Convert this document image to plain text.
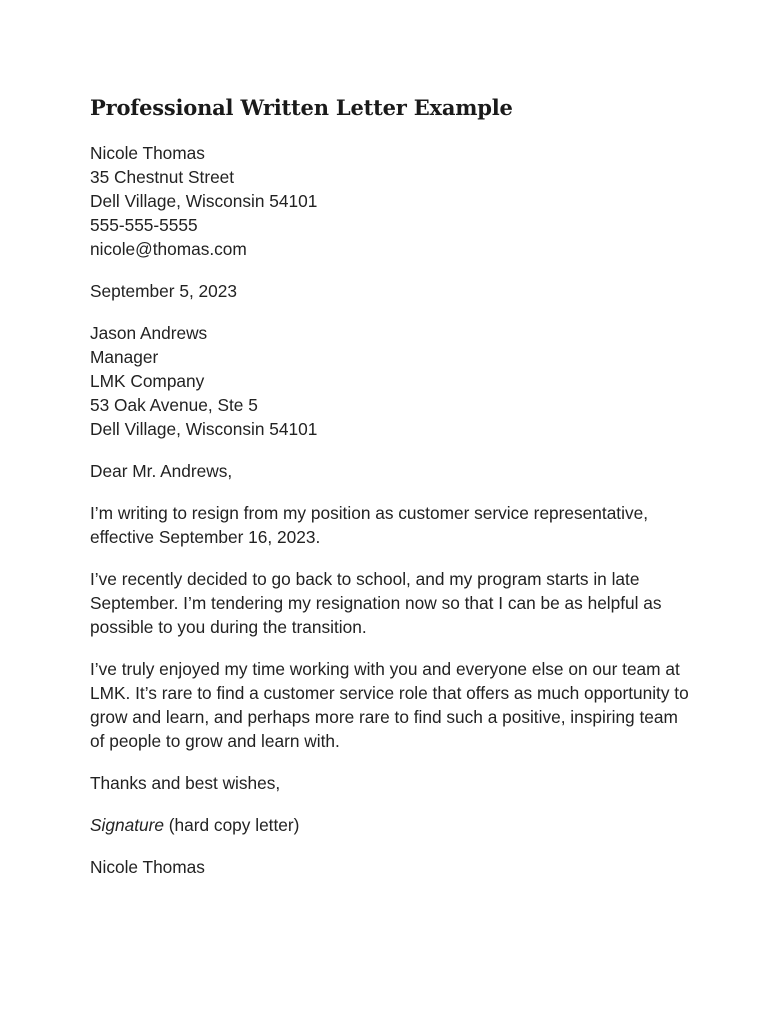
Professional Written Letter Example
Nicole Thomas
35 Chestnut Street
Dell Village, Wisconsin 54101
555-555-5555
nicole@thomas.com
September 5, 2023
Jason Andrews
Manager
LMK Company
53 Oak Avenue, Ste 5
Dell Village, Wisconsin 54101

Dear Mr. Andrews,

I’m writing to resign from my position as customer service representative, effective September 16, 2023.

I’ve recently decided to go back to school, and my program starts in late September. I’m tendering my resignation now so that I can be as helpful as possible to you during the transition.

I’ve truly enjoyed my time working with you and everyone else on our team at LMK. It’s rare to find a customer service role that offers as much opportunity to grow and learn, and perhaps more rare to find such a positive, inspiring team of people to grow and learn with.

Thanks and best wishes,

Signature (hard copy letter)

Nicole Thomas
